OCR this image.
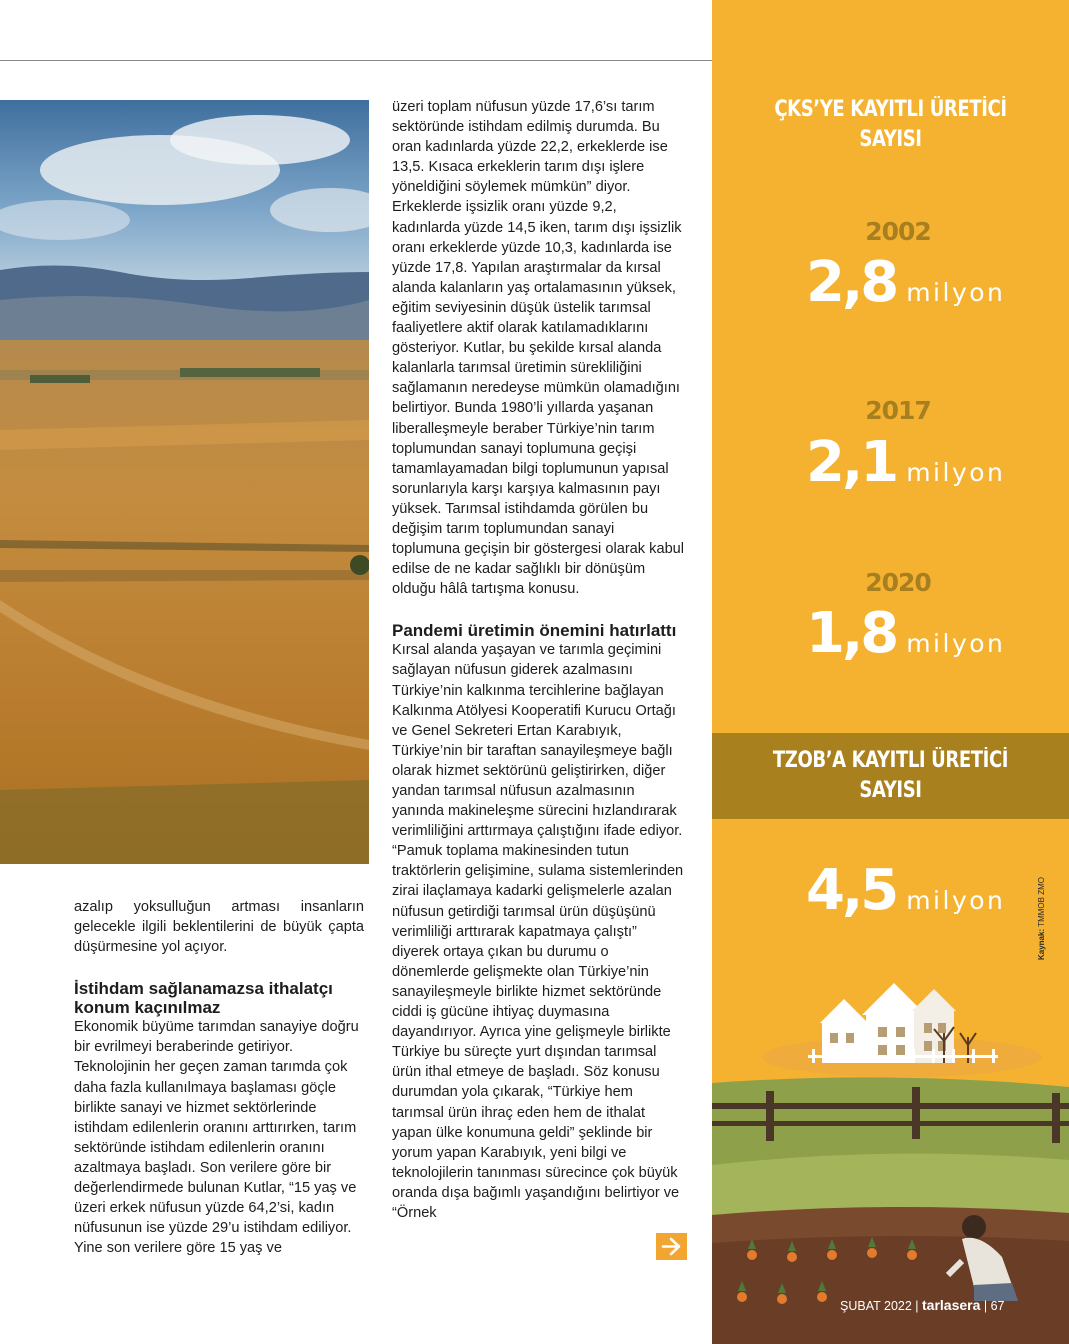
üzeri toplam nüfusun yüzde 17,6’sı tarım sektöründe istihdam edilmiş durumda. Bu oran kadınlarda yüzde 22,2, erkeklerde ise 13,5. Kısaca erkeklerin tarım dışı işlere yöneldiğini söylemek mümkün” diyor. Erkeklerde işsizlik oranı yüzde 9,2, kadınlarda yüzde 14,5 iken, tarım dışı işsizlik oranı erkeklerde yüzde 10,3, kadınlarda ise yüzde 17,8. Yapılan araştırmalar da kırsal alanda kalanların yaş ortalamasının yüksek, eğitim seviyesinin düşük üstelik tarımsal faaliyetlere aktif olarak katılamadıklarını gösteriyor. Kutlar, bu şekilde kırsal alanda kalanlarla tarımsal üretimin sürekliliğini sağlamanın neredeyse mümkün olamadığını belirtiyor. Bunda 1980’li yıllarda yaşanan liberalleşmeyle beraber Türkiye’nin tarım toplumundan sanayi toplumuna geçişi tamamlayamadan bilgi toplumunun yapısal sorunlarıyla karşı karşıya kalmasının payı yüksek. Tarımsal istihdamda görülen bu değişim tarım toplumundan sanayi toplumuna geçişin bir göstergesi olarak kabul edilse de ne kadar sağlıklı bir dönüşüm olduğu hâlâ tartışma konusu.

Pandemi üretimin önemini hatırlattı

Kırsal alanda yaşayan ve tarımla geçimini sağlayan nüfusun giderek azalmasını Türkiye’nin kalkınma tercihlerine bağlayan Kalkınma Atölyesi Kooperatifi Kurucu Ortağı ve Genel Sekreteri Ertan Karabıyık, Türkiye’nin bir taraftan sanayileşmeye bağlı olarak hizmet sektörünü geliştirirken, diğer yandan tarımsal nüfusun azalmasının yanında makineleşme sürecini hızlandırarak verimliliğini arttırmaya çalıştığını ifade ediyor. “Pamuk toplama makinesinden tutun traktörlerin gelişimine, sulama sistemlerinden zirai ilaçlamaya kadarki gelişmelerle azalan nüfusun getirdiği tarımsal ürün düşüşünü verimliliği arttırarak kapatmaya çalıştı” diyerek ortaya çıkan bu durumu o dönemlerde gelişmekte olan Türkiye’nin sanayileşmeyle birlikte hizmet sektöründe ciddi iş gücüne ihtiyaç duymasına dayandırıyor. Ayrıca yine gelişmeyle birlikte Türkiye bu süreçte yurt dışından tarımsal ürün ithal etmeye de başladı. Söz konusu durumdan yola çıkarak, “Türkiye hem tarımsal ürün ihraç eden hem de ithalat yapan ülke konumuna geldi” şeklinde bir yorum yapan Karabıyık, yeni bilgi ve teknolojilerin tanınması sürecince çok büyük oranda dışa bağımlı yaşandığını belirtiyor ve “Örnek

azalıp yoksulluğun artması insanların gelecekle ilgili beklentilerini de büyük çapta düşürmesine yol açıyor.

İstihdam sağlanamazsa ithalatçı konum kaçınılmaz

Ekonomik büyüme tarımdan sanayiye doğru bir evrilmeyi beraberinde getiriyor. Teknolojinin her geçen zaman tarımda çok daha fazla kullanılmaya başlaması göçle birlikte sanayi ve hizmet sektörlerinde istihdam edilenlerin oranını arttırırken, tarım sektöründe istihdam edilenlerin oranını azaltmaya başladı. Son verilere göre bir değerlendirmede bulunan Kutlar, “15 yaş ve üzeri erkek nüfusun yüzde 64,2’si, kadın nüfusunun ise yüzde 29’u istihdam ediliyor. Yine son verilere göre 15 yaş ve

ÇKS’YE KAYITLI ÜRETİCİ SAYISI
2002
2,8 milyon
2017
2,1 milyon
2020
1,8 milyon
TZOB’A KAYITLI ÜRETİCİ SAYISI
4,5 milyon
Kaynak: TMMOB ZMO
ŞUBAT 2022 | tarlasera | 67
